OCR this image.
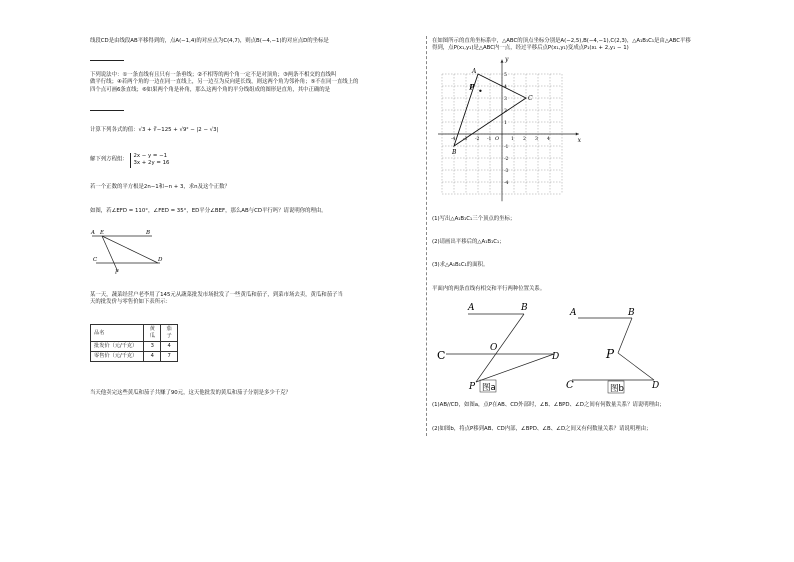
线段CD是由线段AB平移得到的，点A(−1,4)的对应点为C(4,7)，则点B(−4,−1)的对应点D的坐标是
下列说法中：①一条直线有且只有一条垂线；②不相等的两个角一定不是对顶角；③两条不相交的直线叫
做平行线；④若两个角的一边在同一直线上，另一边互为反向延长线，则这两个角为邻补角；⑤不在同一直线上的
四个点可画6条直线；⑥如果两个角是补角，那么这两个角的平分线组成的图形是直角，其中正确的是
计算下列各式的值：√3 + ∛−125 + √9² − |2 − √3|
解下列方程组：
2x − y = −1
3x + 2y = 16
若一个正数的平方根是2n−1和−n + 3，求n及这个正数？
如图，若∠EFD = 110°，∠FED = 35°，ED平分∠BEF，那么AB与CD平行吗？请说明你的理由。
A E	B
C
F
D
某一天，蔬菜经营户老李用了145元从蔬菜批发市场批发了一些黄瓜和茄子，到菜市场去卖，黄瓜和茄子当
天的批发价与零售价如下表所示：
品名	黄瓜	茄子
批发价（元/千克）	3	4
零售价（元/千克）	4	7
当天他卖完这些黄瓜和茄子共赚了90元，这天他批发的黄瓜和茄子分别是多少千克？
在如图所示的直角坐标系中，△ABC的顶点坐标分别是A(−2,5),B(−4,−1),C(2,3)，△A₁B₁C₁是由△ABC平移
得到，点P(x₁,y₁)是△ABC内一点，经过平移后点P(x₁,y₁)变成点P₁(x₁ + 2,y₁ − 1)
x
y
O
-4 -3 -2 -1	1 2 3 4
5
4
3
2
1
-1
-2
-3
-4
A
B
C
P
(1)写出△A₁B₁C₁三个顶点的坐标；
(2)请画出平移后的△A₁B₁C₁；
(3)求△A₁B₁C₁的面积。
平面内的两条直线有相交和平行两种位置关系。
A	B
C
O
D
P 图a
A	B
P
C	D
图b
(1)AB//CD，如图a，点P在AB、CD外部时，∠B、∠BPD、∠D之间有何数量关系？请说明理由；
(2)如图b，将点P移到AB、CD内部，∠BPD、∠B、∠D之间又有何数量关系？请说明理由；
